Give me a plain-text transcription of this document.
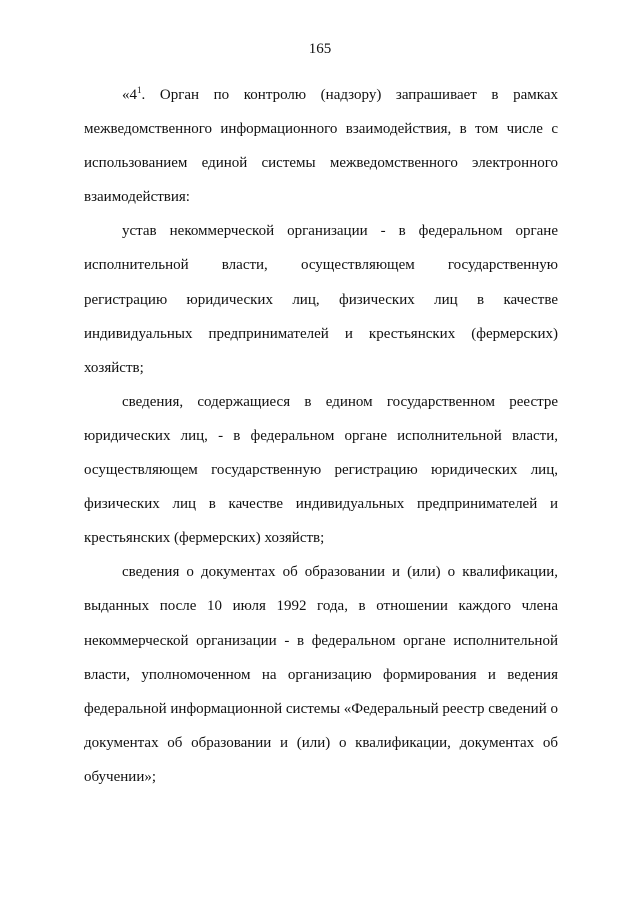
165
«$4^1$. Орган по контролю (надзору) запрашивает в рамках
межведомственного информационного взаимодействия, в том числе с
использованием единой системы межведомственного электронного
взаимодействия:
устав некоммерческой организации - в федеральном органе
исполнительной власти, осуществляющем государственную
регистрацию юридических лиц, физических лиц в качестве
индивидуальных предпринимателей и крестьянских (фермерских)
хозяйств;
сведения, содержащиеся в едином государственном реестре
юридических лиц, - в федеральном органе исполнительной власти,
осуществляющем государственную регистрацию юридических лиц,
физических лиц в качестве индивидуальных предпринимателей и
крестьянских (фермерских) хозяйств;
сведения о документах об образовании и (или) о квалификации,
выданных после 10 июля 1992 года, в отношении каждого члена
некоммерческой организации - в федеральном органе исполнительной
власти, уполномоченном на организацию формирования и ведения
федеральной информационной системы «Федеральный реестр сведений о
документах об образовании и (или) о квалификации, документах об
обучении»;
